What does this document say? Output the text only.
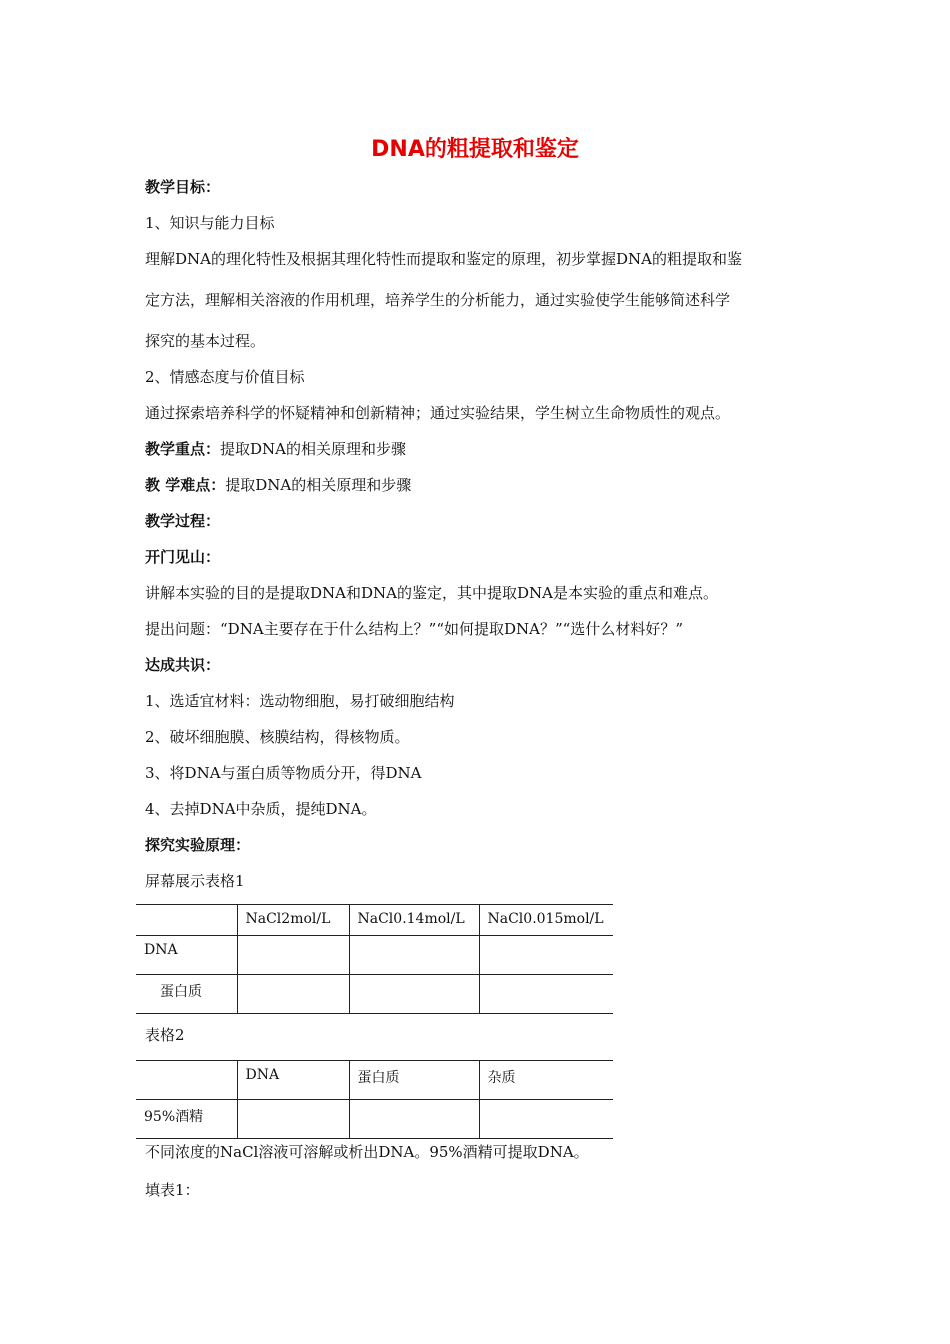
DNA的粗提取和鉴定
教学目标：
1、知识与能力目标
理解DNA的理化特性及根据其理化特性而提取和鉴定的原理，初步掌握DNA的粗提取和鉴
定方法，理解相关溶液的作用机理，培养学生的分析能力，通过实验使学生能够简述科学
探究的基本过程。
2、情感态度与价值目标
通过探索培养科学的怀疑精神和创新精神；通过实验结果，学生树立生命物质性的观点。
教学重点：提取DNA的相关原理和步骤
教 学难点：提取DNA的相关原理和步骤
教学过程：
开门见山：
讲解本实验的目的是提取DNA和DNA的鉴定，其中提取DNA是本实验的重点和难点。
提出问题：“DNA主要存在于什么结构上？”“如何提取DNA？”“选什么材料好？”
达成共识：
1、选适宜材料：选动物细胞，易打破细胞结构
2、破坏细胞膜、核膜结构，得核物质。
3、将DNA与蛋白质等物质分开，得DNA
4、去掉DNA中杂质，提纯DNA。
探究实验原理：
屏幕展示表格1
	NaCl2mol/L	NaCl0.14mol/L	NaCl0.015mol/L
DNA			
蛋白质			
表格2
	DNA	蛋白质	杂质
95%酒精			
不同浓度的NaCl溶液可溶解或析出DNA。95%酒精可提取DNA。
填表1：
